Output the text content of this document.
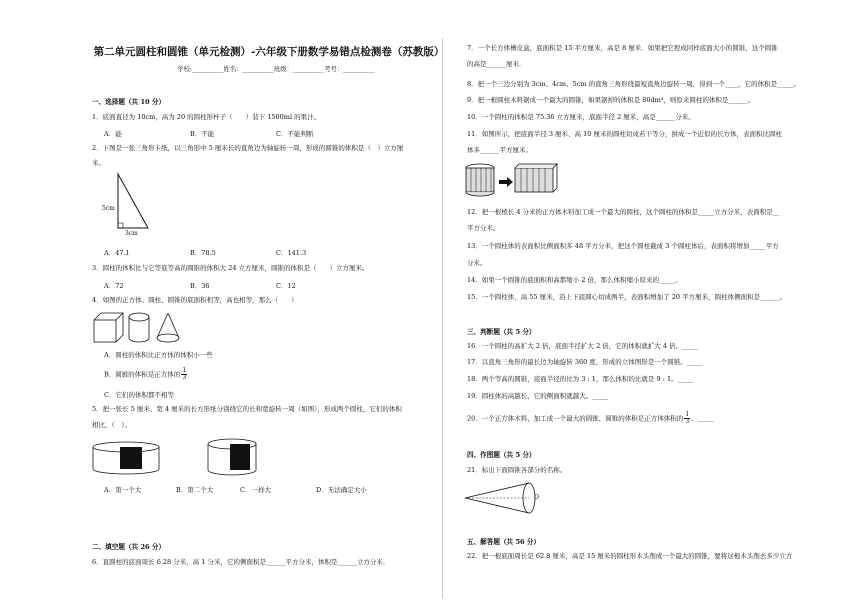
第二单元圆柱和圆锥（单元检测）-六年级下册数学易错点检测卷（苏教版）
学校:__________姓名：__________班级：__________考号：__________
一、选择题（共 10 分）
1．底面直径为 10cm，高为 20 的圆柱形杯子（　　）装下 1500ml 的果汁。
A．能	B．不能	C．不能判断
2．下图是一张三角形卡纸，以三角形中 5 厘米长的直角边为轴旋转一周，形成的圆锥的体积是（　）立方厘
米。
5cm
3cm
A．47.1	B．78.5	C．141.3
3．圆柱的体积比与它等底等高的圆锥的体积大 24 立方厘米，圆锥的体积是（　　）立方厘米。
A．72	B．36	C．12
4．如图的正方体、圆柱、圆锥的底面积相等，高也相等，那么（　　）
A．圆柱的体积比正方体的体积小一些
B．圆锥的体积是正方体的 $\frac{1}{3}$
C．它们的体积都不相等
5．把一张长 5 厘米、宽 4 厘米的长方形纸分别绕它的长和宽旋转一周（如图），形成两个圆柱，它们的体积
相比，（　）。
A．第一个大	B．第二个大	C．一样大	D．无法确定大小
二、填空题（共 26 分）
6．直圆柱的底面周长 6.28 分米，高 1 分米，它的侧面积是______平方分米，体积是______立方分米.
7．一个长方体槽皮盒，底面积是 15 平方厘米，高是 8 厘米．如果把它捏成同样底面大小的圆锥，这个圆锥
的高是______厘米．
8．把一个三边分别为 3cm、4cm、5cm 的直角三角形绕最短直角边旋转一周，得到一个____，它的体积是_____。
9．把一根圆柱木料锯成一个最大的圆锥，如果锯掉的体积是 80dm³，则原来圆柱的体积是______。
10．一个圆柱的体积是 75.36 立方厘米，底面半径 2 厘米，高是______分米。
11．如图所示，把底面半径 3 厘米、高 10 厘米的圆柱切成若干等分，拼成一个近似的长方体，表面积比圆柱
体多______平方厘米。
12．把一根棱长 4 分米的正方体木料加工成一个最大的圆柱，这个圆柱的体积是_____立方分米，表面积是__
平方分米。
13．一个圆柱体的表面积比侧面积多 48 平方分米，把这个圆柱截成 3 个圆柱体后，表面积将增加_____平方
分米。
14．如果一个圆锥的底面积和高都缩小 2 倍，那么体积缩小原来的_____。
15．一个圆柱体，高 55 厘米，沿上下底圆心切成两半，表面积增加了 20 平方厘米，圆柱体侧面积是______。
三、判断题（共 5 分）
16．一个圆柱的高扩大 2 倍，底面半径扩大 2 倍，它的体积就扩大 4 倍。_____
17．以直角三角形的最长边为轴旋转 360 度，形成的立体图形是一个圆锥。_____
18．两个等高的圆锥，底面半径的比为 3 : 1，那么体积的比就是 9 : 1。_____
19．圆柱体的高越长，它的侧面积就越大。_____
20．一个正方体木料，加工成一个最大的圆锥，圆锥的体积是正方体体积的 $\frac{1}{3}$ 。_____
四、作图题（共 5 分）
21．标出下面圆锥各部分的名称。
O
五、解答题（共 56 分）
22．把一根底面周长是 62.8 厘米，高是 15 厘米的圆柱形木头削成一个最大的圆锥，要将这根木头削去多少立方
